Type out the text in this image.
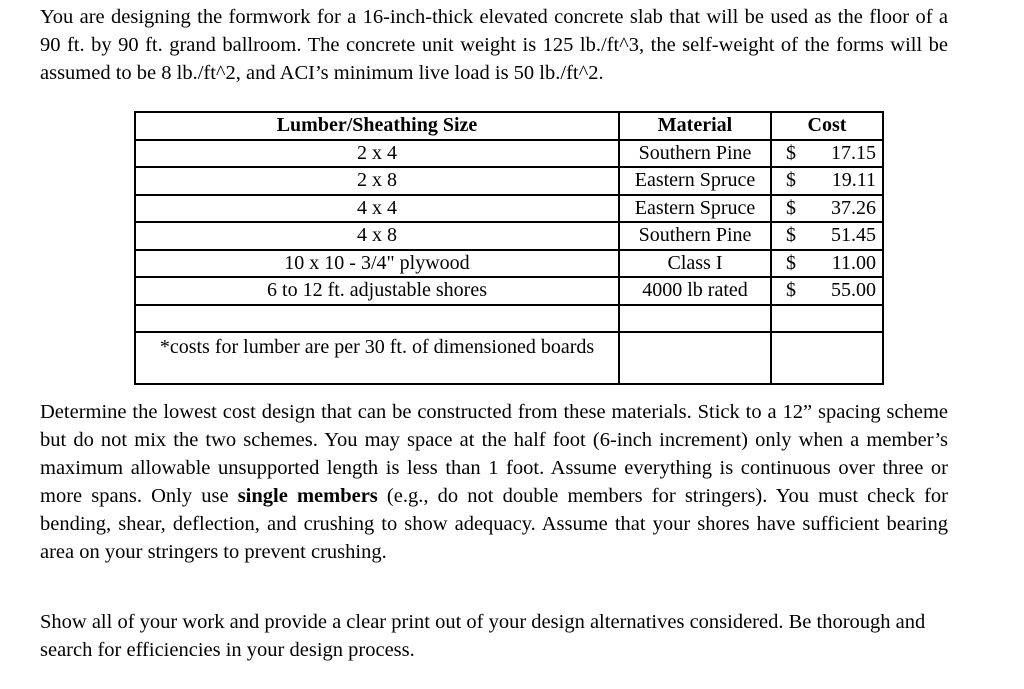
You are designing the formwork for a 16-inch-thick elevated concrete slab that will be used as the floor of a 90 ft. by 90 ft. grand ballroom. The concrete unit weight is 125 lb./ft^3, the self-weight of the forms will be assumed to be 8 lb./ft^2, and ACI’s minimum live load is 50 lb./ft^2.

Lumber/Sheathing Size	Material	Cost

2 x 4	Southern Pine	$ 17.15

2 x 8	Eastern Spruce	$ 19.11

4 x 4	Eastern Spruce	$ 37.26

4 x 8	Southern Pine	$ 51.45

10 x 10 - 3/4" plywood	Class I	$ 11.00

6 to 12 ft. adjustable shores	4000 lb rated	$ 55.00

*costs for lumber are per 30 ft. of dimensioned boards		

Determine the lowest cost design that can be constructed from these materials. Stick to a 12” spacing scheme but do not mix the two schemes. You may space at the half foot (6-inch increment) only when a member’s maximum allowable unsupported length is less than 1 foot. Assume everything is continuous over three or more spans. Only use single members (e.g., do not double members for stringers). You must check for bending, shear, deflection, and crushing to show adequacy. Assume that your shores have sufficient bearing area on your stringers to prevent crushing.

Show all of your work and provide a clear print out of your design alternatives considered. Be thorough and search for efficiencies in your design process.
